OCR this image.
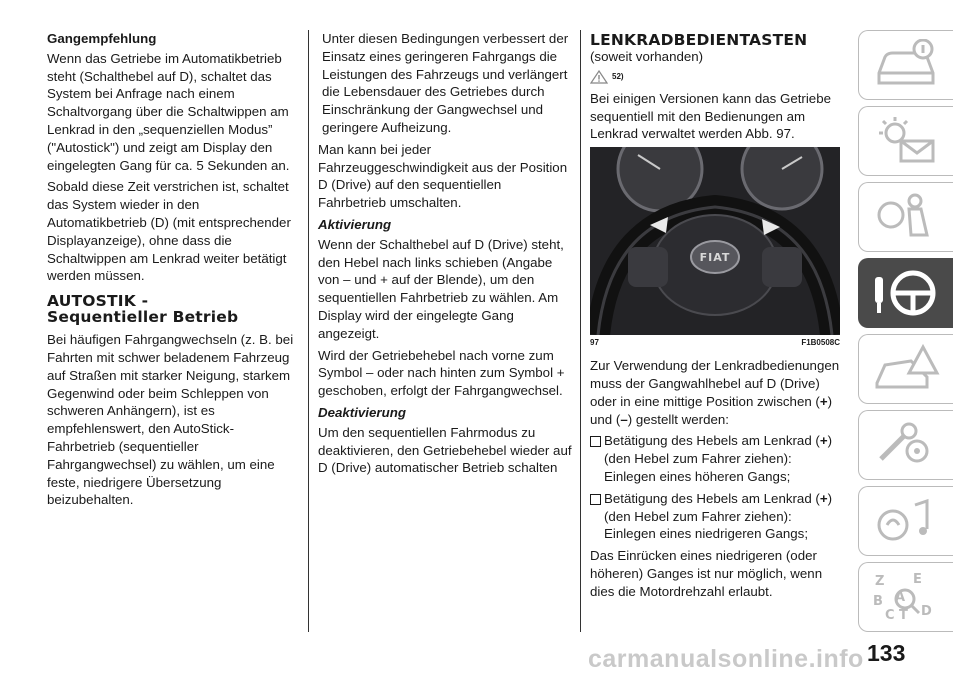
Gangempfehlung

Wenn das Getriebe im Automatikbetrieb steht (Schalthebel auf D), schaltet das System bei Anfrage nach einem Schaltvorgang über die Schaltwippen am Lenkrad in den „sequenziellen Modus” ("Autostick") und zeigt am Display den eingelegten Gang für ca. 5 Sekunden an.

Sobald diese Zeit verstrichen ist, schaltet das System wieder in den Automatikbetrieb (D) (mit entsprechender Displayanzeige), ohne dass die Schaltwippen am Lenkrad weiter betätigt werden müssen.

AUTOSTIK -
Sequentieller Betrieb

Bei häufigen Fahrgangwechseln (z. B. bei Fahrten mit schwer beladenem Fahrzeug auf Straßen mit starker Neigung, starkem Gegenwind oder beim Schleppen von schweren Anhängern), ist es empfehlenswert, den AutoStick-Fahrbetrieb (sequentieller Fahrgangwechsel) zu wählen, um eine feste, niedrigere Übersetzung beizubehalten.

Unter diesen Bedingungen verbessert der Einsatz eines geringeren Fahrgangs die Leistungen des Fahrzeugs und verlängert die Lebensdauer des Getriebes durch Einschränkung der Gangwechsel und geringere Aufheizung.

Man kann bei jeder Fahrzeuggeschwindigkeit aus der Position D (Drive) auf den sequentiellen Fahrbetrieb umschalten.

Aktivierung

Wenn der Schalthebel auf D (Drive) steht, den Hebel nach links schieben (Angabe von – und + auf der Blende), um den sequentiellen Fahrbetrieb zu wählen. Am Display wird der eingelegte Gang angezeigt.

Wird der Getriebehebel nach vorne zum Symbol – oder nach hinten zum Symbol + geschoben, erfolgt der Fahrgangwechsel.

Deaktivierung

Um den sequentiellen Fahrmodus zu deaktivieren, den Getriebehebel wieder auf D (Drive) automatischer Betrieb schalten

LENKRADBEDIENTASTEN

(soweit vorhanden)

52)

Bei einigen Versionen kann das Getriebe sequentiell mit den Bedienungen am Lenkrad verwaltet werden Abb. 97.

FIAT
97	F1B0508C

Zur Verwendung der Lenkradbedienungen muss der Gangwahlhebel auf D (Drive) oder in eine mittige Position zwischen (+) und (–) gestellt werden:

Betätigung des Hebels am Lenkrad (+) (den Hebel zum Fahrer ziehen): Einlegen eines höheren Gangs;

Betätigung des Hebels am Lenkrad (+) (den Hebel zum Fahrer ziehen): Einlegen eines niedrigeren Gangs;

Das Einrücken eines niedrigeren (oder höheren) Ganges ist nur möglich, wenn dies die Motordrehzahl erlaubt.

Z E
B A
C T D
carmanualsonline.info 133
